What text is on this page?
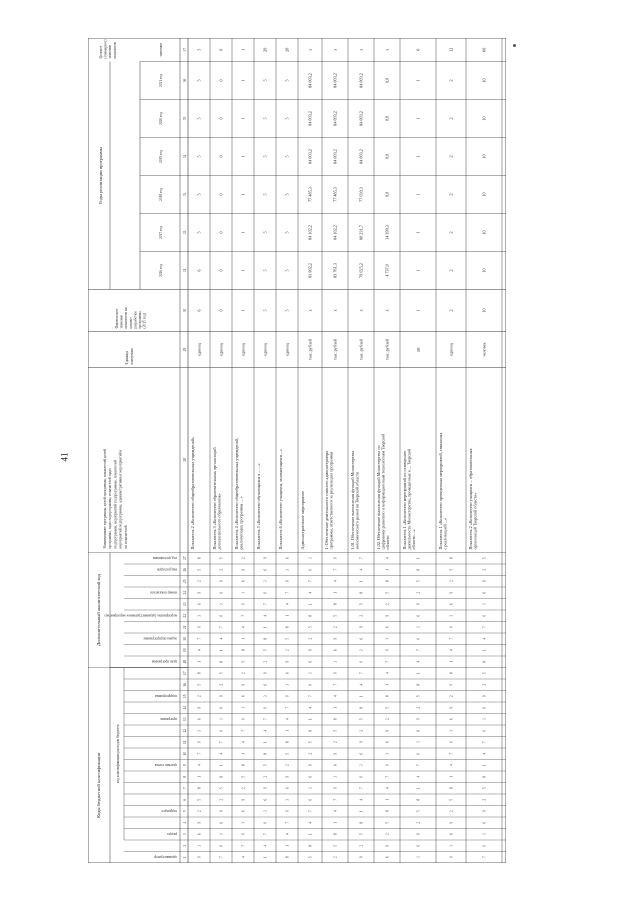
41
Коды бюджетной классификации	код классификации расходов бюджета
Дополнительный аналитический код
Наименование программы, целей программы, показателей целей программы, задач подпрограммы, показателей задач подпрограммы, мероприятий подпрограммы, показателей мероприятий подпрограммы, административных мероприятий и их показателей
Единица измерения
Фактическое значение показателя на момент разработки программы (2015 год)
Годы реализации программы
2016 год
2017 год
2018 год
2019 год
2020 год
2021 год
Целевое (суммарное) значение показателя	значение
администратор
раздел
подраздел
целевая статья
программа
подпрограмма
цель программы
задача подпрограммы
мероприятие (административное мероприятие)
номер показателя
вид расходов
год достижения
1
2
3
4
5
6
7
8
9
10
11
12
13
14
15
16
17
18
19
20
21
22
23
24
25
26
27
28
29
30
31
32
33
34
35
36
37
0
3
6
9
2
5
8
1
4
7
0
3
6
9
2
5
8
1
4
7
0
3
6
9
2
5
8
Показатель 2 «Количество общеобразовательных учреждений»
единиц
6
6
5
5
5
5
5
5
7
0
3
6
9
2
5
8
1
4
7
0
3
6
9
2
5
8
1
4
7
0
3
6
9
2
5
Показатель 3 «Количество образовательных организаций дополнительного образования»
единиц
0
0
0
0
0
0
0
0
4
7
0
3
6
9
2
5
8
1
4
7
0
3
6
9
2
5
8
1
4
7
0
3
6
9
2
Показатель 4 «Количество общеобразовательных учреждений, реализующих программы …»
единиц
1
1
1
1
1
1
1
1
1
4
7
0
3
6
9
2
5
8
1
4
7
0
3
6
9
2
5
8
1
4
7
0
3
6
9
Показатель 5 «Количество обучающихся в ... ...»
единиц
5
5
5
5
5
5
5
20
8
1
4
7
0
3
6
9
2
5
8
1
4
7
0
3
6
9
2
5
8
1
4
7
0
3
6
Показатель 6 «Количество учащихся, занимающихся ...»
единиц
5
5
5
5
5
5
5
20
5
8
1
4
7
0
3
6
9
2
5
8
1
4
7
0
3
6
9
2
5
8
1
4
7
0
3
Административное мероприятие
тыс. рублей
x
83 902,2
84 102,2
77 485,3
84 003,2
84 003,2
84 003,2
x
2
5
8
1
4
7
0
3
6
9
2
5
8
1
4
7
0
3
6
9
2
5
8
1
4
7
0
1. Обеспечение деятельности главного администратора программы, ответственного за реализацию программы
тыс. рублей
x
83 761,3
84 102,2
77 485,3
84 003,2
84 003,2
84 003,2
x
9
2
5
8
1
4
7
0
3
6
9
2
5
8
1
4
7
0
3
6
9
2
5
8
1
4
7
1.01. Обеспечение выполнения функций Министерства экономического развития Тверской области
тыс. рублей
x
79 025,2
80 231,7
77 030,3
84 003,2
84 003,2
84 003,2
x
6
9
2
5
8
1
4
7
0
3
6
9
2
5
8
1
4
7
0
3
6
9
2
5
8
1
4
1.02. Обеспечение выполнения функций Министерства по цифровому развитию и информационным технологиям Тверской области
тыс. рублей
x
4 737,0
14 399,3
0,0
0,0
0,0
0,0
x
3
6
9
2
5
8
1
4
7
0
3
6
9
2
5
8
1
4
7
0
3
6
9
2
5
8
1
Показатель 1 «Количество мероприятий по освещению деятельности Министерства, проведенных в ... Тверской области ...»
шт.
1
1
1
1
1
1
1
6
0
3
6
9
2
5
8
1
4
7
0
3
6
9
2
5
8
1
4
7
0
3
6
9
2
5
8
Показатель 1 «Количество проведенных мероприятий, связанных с реализацией ...»
единиц
2
2
2
2
2
2
2
12
7
0
3
6
9
2
5
8
1
4
7
0
3
6
9
2
5
8
1
4
7
0
3
6
9
2
5
Показатель 2 «Количество учащихся ... образовательных организаций Тверской области»
человек
10
10
10
10
10
10
10
60
